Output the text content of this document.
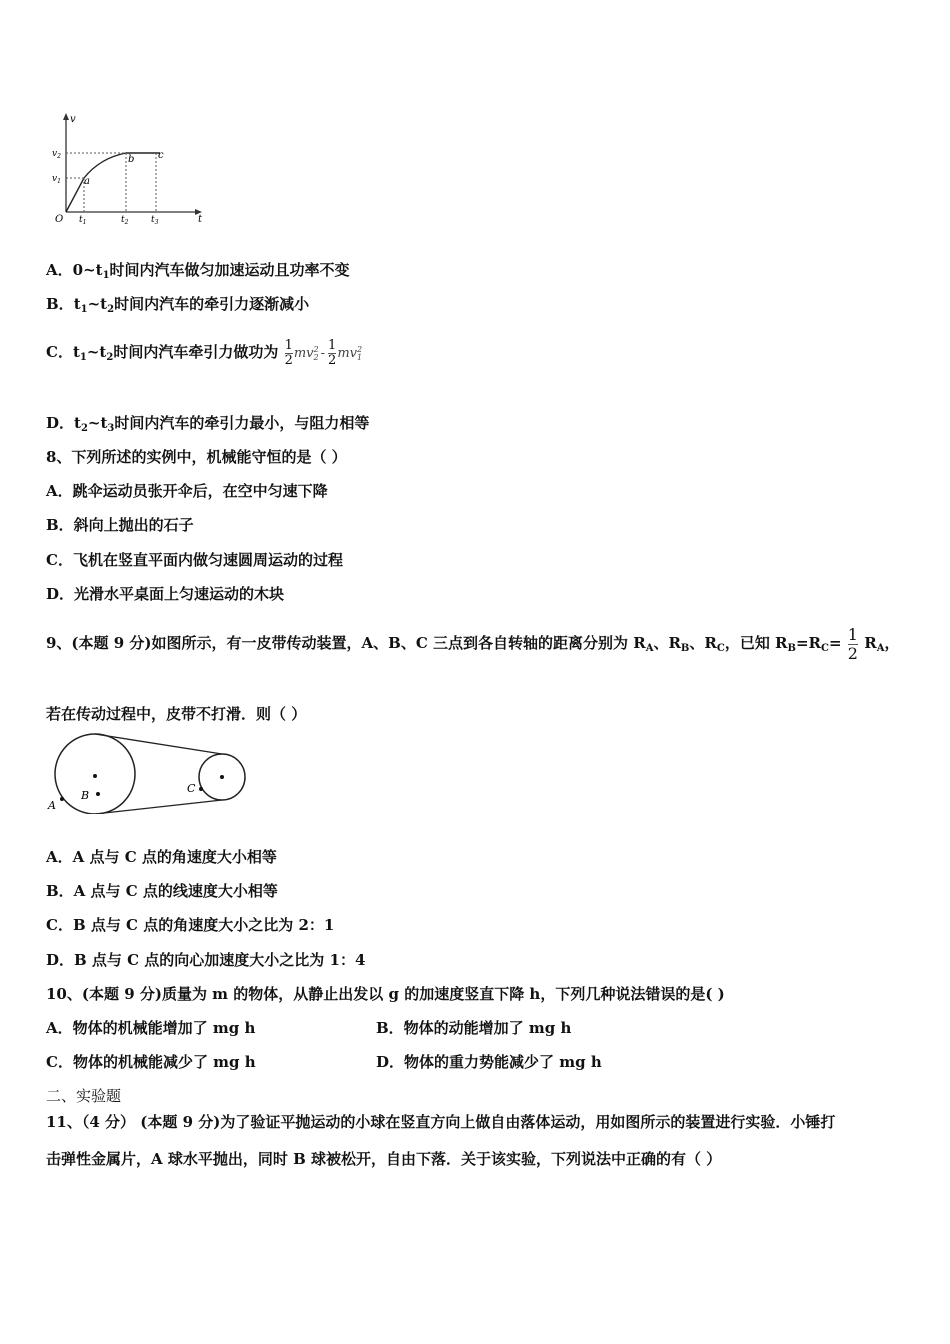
v
t
O
$v_2$
$v_1$ a
b c
$t_1$	$t_2$	$t_3$
A．$0\sim t_1$时间内汽车做匀加速运动且功率不变
B．$t_1\sim t_2$时间内汽车的牵引力逐渐减小
C．$t_1\sim t_2$时间内汽车牵引力做功为 $\frac{1}{2}$ mv 2
$2 - \frac{1}{2}$ mv 2
1
D．$t_2\sim t_3$时间内汽车的牵引力最小，与阻力相等
8、下列所述的实例中，机械能守恒的是（ ）
A．跳伞运动员张开伞后，在空中匀速下降
B．斜向上抛出的石子
C．飞机在竖直平面内做匀速圆周运动的过程
D．光滑水平桌面上匀速运动的木块
9、(本题 9 分)如图所示，有一皮带传动装置，A、B、C 三点到各自转轴的距离分别为 $R_A$、$R_B$、$R_C$，已知 $R_B=R_C= \frac{1}{2} R_A$，
若在传动过程中，皮带不打滑．则（ ）
A
B
C
A．A 点与 C 点的角速度大小相等
B．A 点与 C 点的线速度大小相等
C．B 点与 C 点的角速度大小之比为 2：1
D．B 点与 C 点的向心加速度大小之比为 1：4
10、(本题 9 分)质量为 m 的物体，从静止出发以 g 的加速度竖直下降 h，下列几种说法错误的是( )
A．物体的机械能增加了 mg h	B．物体的动能增加了 mg h
C．物体的机械能减少了 mg h	D．物体的重力势能减少了 mg h
二、实验题
11、（4 分） (本题 9 分)为了验证平抛运动的小球在竖直方向上做自由落体运动，用如图所示的装置进行实验．小锤打
击弹性金属片，A 球水平抛出，同时 B 球被松开，自由下落．关于该实验，下列说法中正确的有（ ）
